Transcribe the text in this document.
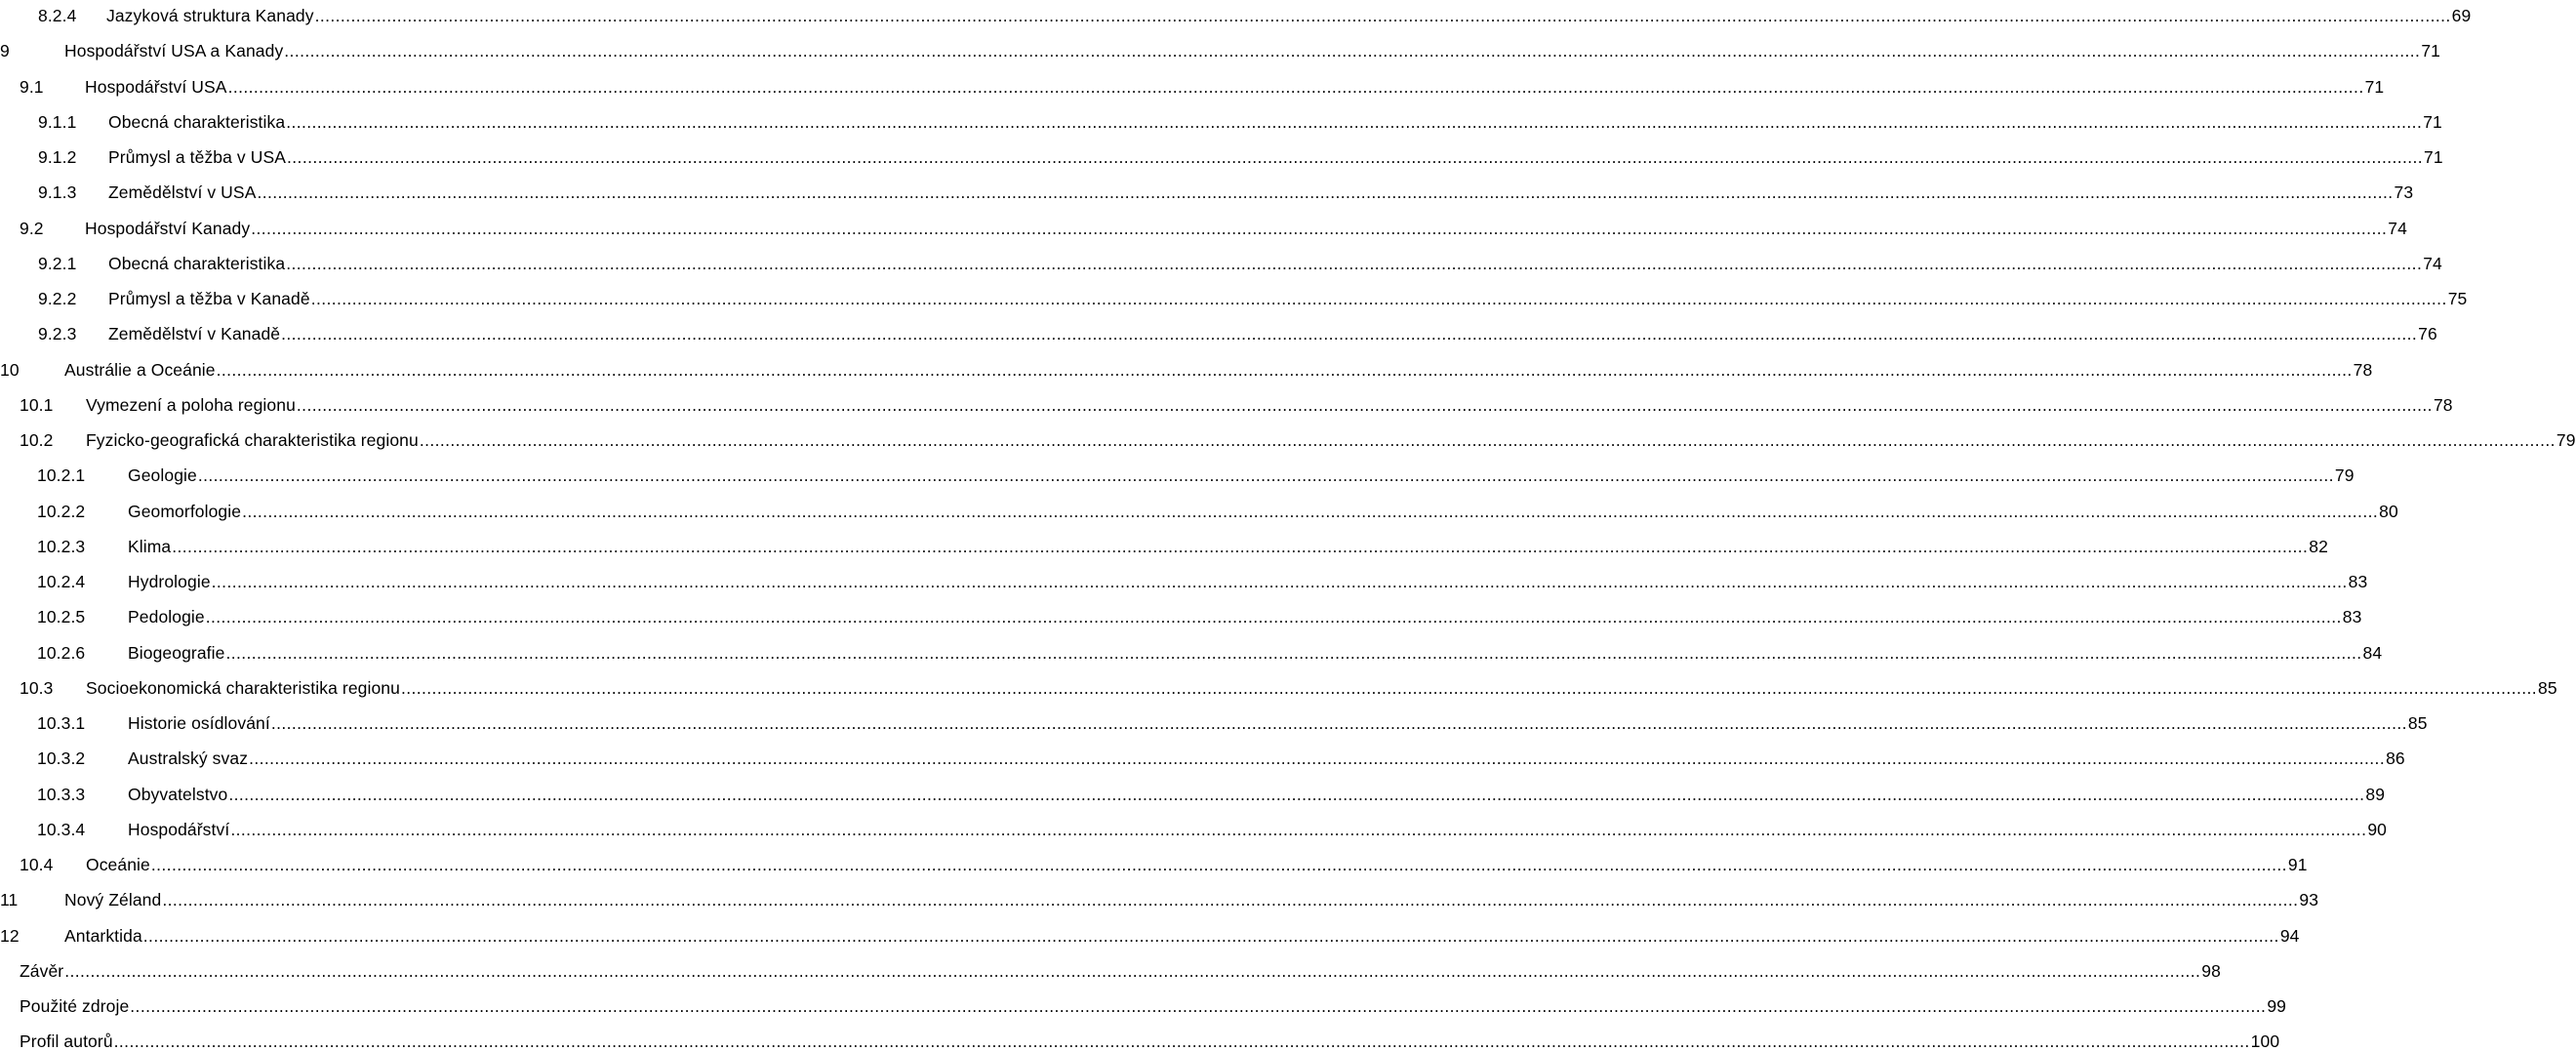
8.2.4	Jazyková struktura Kanady ................................................................................................................................................................................................................................................................................................................................................................................................................................ 69
9	Hospodářství USA a Kanady ................................................................................................................................................................................................................................................................................................................................................................................................................................ 71
9.1	Hospodářství USA ................................................................................................................................................................................................................................................................................................................................................................................................................................ 71
9.1.1	Obecná charakteristika ................................................................................................................................................................................................................................................................................................................................................................................................................................ 71
9.1.2	Průmysl a těžba v USA ................................................................................................................................................................................................................................................................................................................................................................................................................................ 71
9.1.3	Zemědělství v USA ................................................................................................................................................................................................................................................................................................................................................................................................................................ 73
9.2	Hospodářství Kanady ................................................................................................................................................................................................................................................................................................................................................................................................................................ 74
9.2.1	Obecná charakteristika ................................................................................................................................................................................................................................................................................................................................................................................................................................ 74
9.2.2	Průmysl a těžba v Kanadě ................................................................................................................................................................................................................................................................................................................................................................................................................................ 75
9.2.3	Zemědělství v Kanadě ................................................................................................................................................................................................................................................................................................................................................................................................................................ 76
10	Austrálie a Oceánie ................................................................................................................................................................................................................................................................................................................................................................................................................................ 78
10.1	Vymezení a poloha regionu ................................................................................................................................................................................................................................................................................................................................................................................................................................ 78
10.2	Fyzicko-geografická charakteristika regionu ................................................................................................................................................................................................................................................................................................................................................................................................................................ 79
10.2.1	Geologie ................................................................................................................................................................................................................................................................................................................................................................................................................................ 79
10.2.2	Geomorfologie ................................................................................................................................................................................................................................................................................................................................................................................................................................ 80
10.2.3	Klima ................................................................................................................................................................................................................................................................................................................................................................................................................................ 82
10.2.4	Hydrologie ................................................................................................................................................................................................................................................................................................................................................................................................................................ 83
10.2.5	Pedologie ................................................................................................................................................................................................................................................................................................................................................................................................................................ 83
10.2.6	Biogeografie ................................................................................................................................................................................................................................................................................................................................................................................................................................ 84
10.3	Socioekonomická charakteristika regionu ................................................................................................................................................................................................................................................................................................................................................................................................................................ 85
10.3.1	Historie osídlování ................................................................................................................................................................................................................................................................................................................................................................................................................................ 85
10.3.2	Australský svaz ................................................................................................................................................................................................................................................................................................................................................................................................................................ 86
10.3.3	Obyvatelstvo ................................................................................................................................................................................................................................................................................................................................................................................................................................ 89
10.3.4	Hospodářství ................................................................................................................................................................................................................................................................................................................................................................................................................................ 90
10.4	Oceánie ................................................................................................................................................................................................................................................................................................................................................................................................................................ 91
11	Nový Zéland ................................................................................................................................................................................................................................................................................................................................................................................................................................ 93
12	Antarktida ................................................................................................................................................................................................................................................................................................................................................................................................................................ 94
Závěr ................................................................................................................................................................................................................................................................................................................................................................................................................................ 98
Použité zdroje ................................................................................................................................................................................................................................................................................................................................................................................................................................ 99
Profil autorů ................................................................................................................................................................................................................................................................................................................................................................................................................................ 100
